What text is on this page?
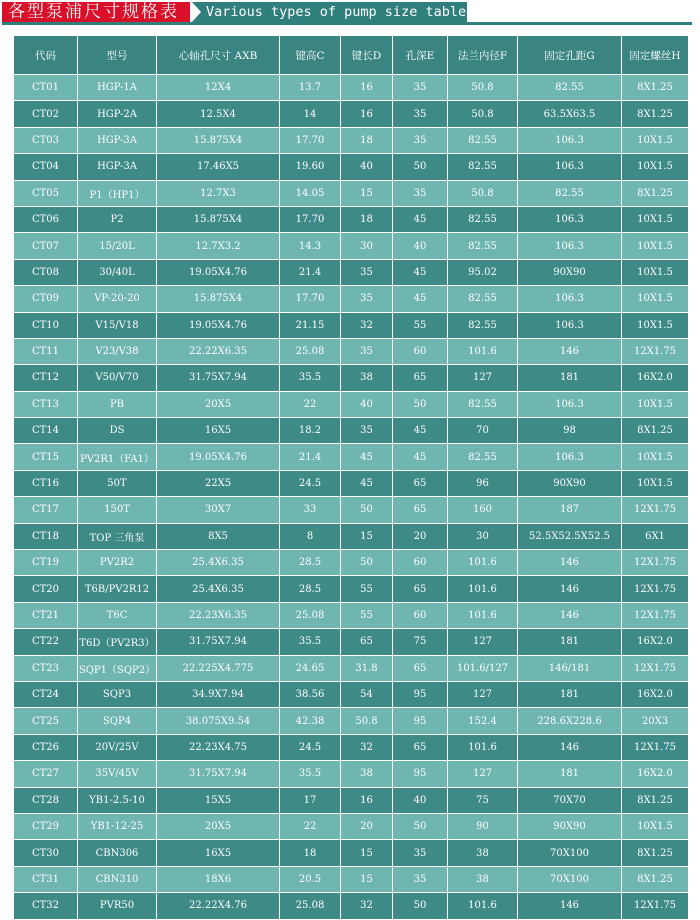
各型泵浦尺寸规格表	Various types of pump size table
代码	型号	心轴孔尺寸 AXB	键高C	键长D	孔深E	法兰内径F	固定孔距G	固定螺丝H
CT01	HGP-1A	12X4	13.7	16	35	50.8	82.55	8X1.25
CT02	HGP-2A	12.5X4	14	16	35	50.8	63.5X63.5	8X1.25
CT03	HGP-3A	15.875X4	17.70	18	35	82.55	106.3	10X1.5
CT04	HGP-3A	17.46X5	19.60	40	50	82.55	106.3	10X1.5
CT05	P1（HP1）	12.7X3	14.05	15	35	50.8	82.55	8X1.25
CT06	P2	15.875X4	17.70	18	45	82.55	106.3	10X1.5
CT07	15/20L	12.7X3.2	14.3	30	40	82.55	106.3	10X1.5
CT08	30/40L	19.05X4.76	21.4	35	45	95.02	90X90	10X1.5
CT09	VP-20-20	15.875X4	17.70	35	45	82.55	106.3	10X1.5
CT10	V15/V18	19.05X4.76	21.15	32	55	82.55	106.3	10X1.5
CT11	V23/V38	22.22X6.35	25.08	35	60	101.6	146	12X1.75
CT12	V50/V70	31.75X7.94	35.5	38	65	127	181	16X2.0
CT13	PB	20X5	22	40	50	82.55	106.3	10X1.5
CT14	DS	16X5	18.2	35	45	70	98	8X1.25
CT15	PV2R1（FA1）	19.05X4.76	21.4	45	45	82.55	106.3	10X1.5
CT16	50T	22X5	24.5	45	65	96	90X90	10X1.5
CT17	150T	30X7	33	50	65	160	187	12X1.75
CT18	TOP 三角泵	8X5	8	15	20	30	52.5X52.5X52.5	6X1
CT19	PV2R2	25.4X6.35	28.5	50	60	101.6	146	12X1.75
CT20	T6B/PV2R12	25.4X6.35	28.5	55	65	101.6	146	12X1.75
CT21	T6C	22.23X6.35	25.08	55	60	101.6	146	12X1.75
CT22	T6D（PV2R3）	31.75X7.94	35.5	65	75	127	181	16X2.0
CT23	SQP1（SQP2）	22.225X4.775	24.65	31.8	65	101.6/127	146/181	12X1.75
CT24	SQP3	34.9X7.94	38.56	54	95	127	181	16X2.0
CT25	SQP4	38.075X9.54	42.38	50.8	95	152.4	228.6X228.6	20X3
CT26	20V/25V	22.23X4.75	24.5	32	65	101.6	146	12X1.75
CT27	35V/45V	31.75X7.94	35.5	38	95	127	181	16X2.0
CT28	YB1-2.5-10	15X5	17	16	40	75	70X70	8X1.25
CT29	YB1-12-25	20X5	22	20	50	90	90X90	10X1.5
CT30	CBN306	16X5	18	15	35	38	70X100	8X1.25
CT31	CBN310	18X6	20.5	15	35	38	70X100	8X1.25
CT32	PVR50	22.22X4.76	25.08	32	50	101.6	146	12X1.75
